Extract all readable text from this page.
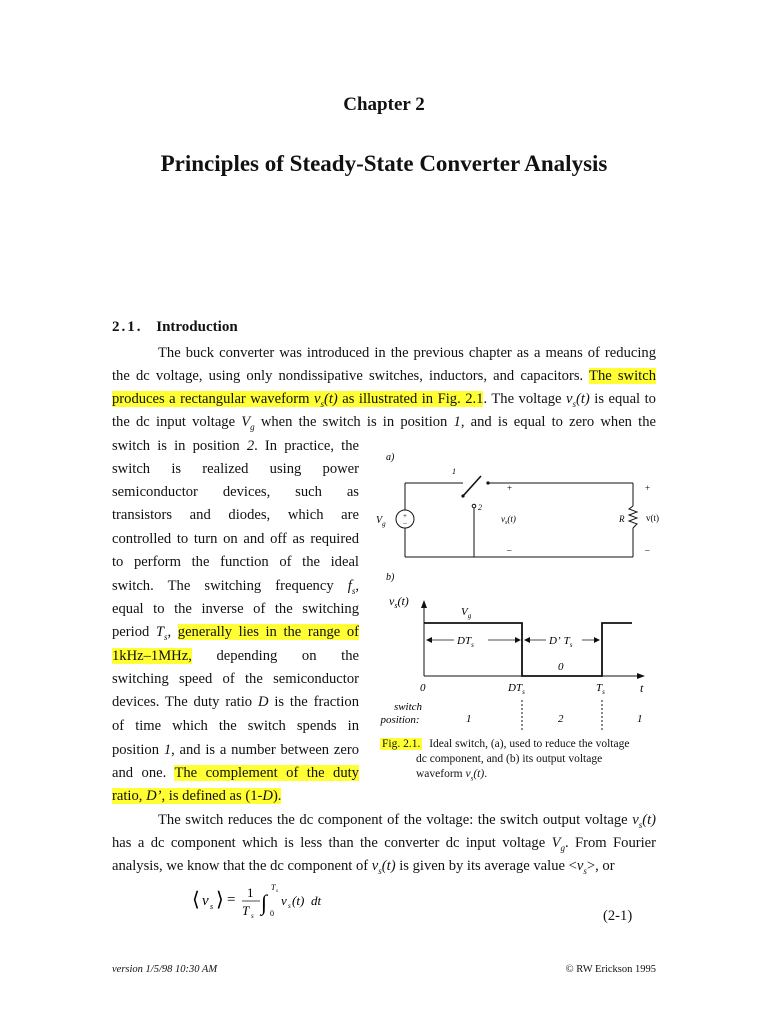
Chapter 2
Principles of Steady-State Converter Analysis
2.1. Introduction
The buck converter was introduced in the previous chapter as a means of reducing
the dc voltage, using only nondissipative switches, inductors, and capacitors. The switch
produces a rectangular waveform $v_s(t)$ as illustrated in Fig. 2.1. The voltage $v_s(t)$ is equal to
the dc input voltage $V_g$ when the switch is in position 1, and is equal to zero when the
switch is in position 2. In practice, the
switch is realized using power
semiconductor devices, such as
transistors and diodes, which are
controlled to turn on and off as required
to perform the function of the ideal
switch. The switching frequency $f_s$,
equal to the inverse of the switching
period $T_s$, generally lies in the range of
1kHz–1MHz, depending on the
switching speed of the semiconductor
devices. The duty ratio D is the fraction
of time which the switch spends in
position 1, and is a number between zero
and one. The complement of the duty
ratio, D’, is defined as (1-D).
The switch reduces the dc component of the voltage: the switch output voltage $v_s(t)$
has a dc component which is less than the converter dc input voltage $V_g$. From Fourier
analysis, we know that the dc component of $v_s(t)$ is given by its average value $<v_s>$, or
⟨ v s ⟩ = 1
T s
∫
T s
0
v s (t) dt
(2-1)
a)
+
–
1
2
R v(t)
$V_g$
+
–
$v_s(t)$
+
–
b)
$v_s(t)$
$V_g$
$DT_s$	D’ $T_s$
0
0	$DT_s$	$T_s$	t
switch
position:	1	2	1
Fig. 2.1. Ideal switch, (a), used to reduce the voltage
dc component, and (b) its output voltage
waveform $v_s(t)$.
version 1/5/98 10:30 AM	© RW Erickson 1995
